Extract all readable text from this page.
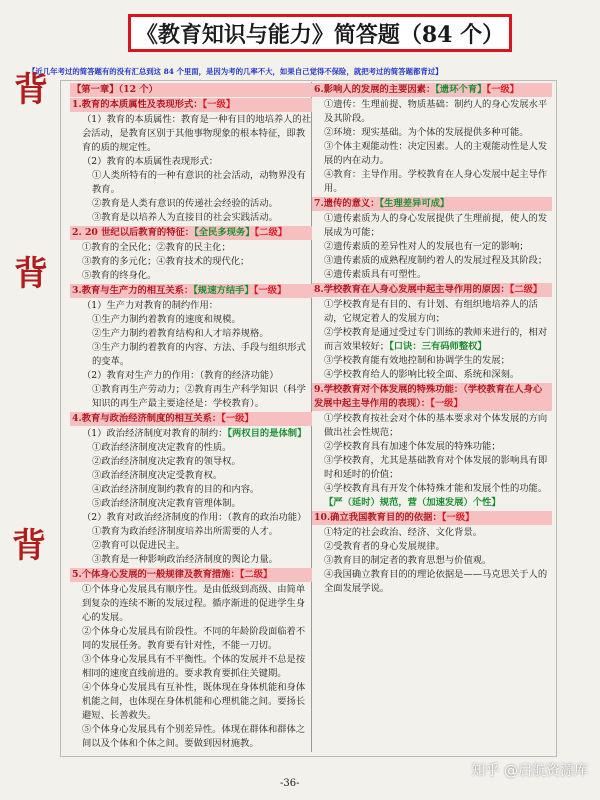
《教育知识与能力》简答题（84 个）
【近几年考过的简答题有的没有汇总到这 84 个里面，是因为考的几率不大，如果自己觉得不保险，就把考过的简答题都背过】
背
背
背
【第一章】（12 个）
1.教育的本质属性及表现形式：【一级】
（1）教育的本质属性：教育是一种有目的地培养人的社会活动，是教育区别于其他事物现象的根本特征，即教育的质的规定性。
（2）教育的本质属性表现形式：
①人类所特有的一种有意识的社会活动，动物界没有教育。
②教育是人类有意识的传递社会经验的活动。
③教育是以培养人为直接目的社会实践活动。
2. 20 世纪以后教育的特征：【全民多现务】【二级】
①教育的全民化；②教育的民主化；
③教育的多元化；④教育技术的现代化；
⑤教育的终身化。
3.教育与生产力的相互关系：【规速方结手】【一级】
（1）生产力对教育的制约作用：
①生产力制约着教育的速度和规模。
②生产力制约着教育结构和人才培养规格。
③生产力制约着教育的内容、方法、手段与组织形式的变革。
（2）教育对生产力的作用：（教育的经济功能）
①教育再生产劳动力；②教育再生产科学知识（科学知识的再生产最主要途径是：学校教育）。
4.教育与政治经济制度的相互关系：【一级】
（1）政治经济制度对教育的制约：【两权目的是体制】
①政治经济制度决定教育的性质。
②政治经济制度决定教育的领导权。
③政治经济制度决定受教育权。
④政治经济制度制约教育的目的和内容。
⑤政治经济制度决定教育管理体制。
（2）教育对政治经济制度的作用：（教育的政治功能）
①教育为政治经济制度培养出所需要的人才。
②教育可以促进民主。
③教育是一种影响政治经济制度的舆论力量。
5.个体身心发展的一般规律及教育措施：【二级】
①个体身心发展具有顺序性。是由低级到高级、由简单到复杂的连续不断的发展过程。循序渐进的促进学生身心的发展。
②个体身心发展具有阶段性。不同的年龄阶段面临着不同的发展任务。教育要有针对性，不能一刀切。
③个体身心发展具有不平衡性。个体的发展并不总是按相同的速度直线前进的。要求教育要抓住关键期。
④个体身心发展具有互补性，既体现在身体机能和身体机能之间，也体现在身体机能和心理机能之间。要扬长避短、长善救失。
⑤个体身心发展具有个别差异性。体现在群体和群体之间以及个体和个体之间。要做到因材施教。
6.影响人的发展的主要因素：【遗环个育】【一级】
①遗传：生理前提、物质基础：制约人的身心发展水平及其阶段。
②环境：现实基础。为个体的发展提供多种可能。
③个体主观能动性：决定因素。人的主观能动性是人发展的内在动力。
④教育：主导作用。学校教育在人身心发展中起主导作用。
7.遗传的意义：【生理差异可成】
①遗传素质为人的身心发展提供了生理前提，使人的发展成为可能；
②遗传素质的差异性对人的发展也有一定的影响；
③遗传素质的成熟程度制约着人的发展过程及其阶段；
④遗传素质具有可塑性。
8.学校教育在人身心发展中起主导作用的原因：【二级】
①学校教育是有目的、有计划、有组织地培养人的活动，它规定着人的发展方向；
②学校教育是通过受过专门训练的教师来进行的，相对而言效果较好；【口诀：三有码师整权】
③学校教育能有效地控制和协调学生的发展；
④学校教育给人的影响比较全面、系统和深刻。
9.学校教育对个体发展的特殊功能：（学校教育在人身心发展中起主导作用的表现）：【一级】
①学校教育按社会对个体的基本要求对个体发展的方向做出社会性规范；
②学校教育具有加速个体发展的特殊功能；
③学校教育，尤其是基础教育对个体发展的影响具有即时和延时的价值；
④学校教育具有开发个体特殊才能和发展个性的功能。
【严（延时）规范，营（加速发展）个性】
10.确立我国教育目的的依据：【一级】
①特定的社会政治、经济、文化背景。
②受教育者的身心发展规律。
③教育目的制定者的教育思想与价值观。
④我国确立教育目的的理论依据是——马克思关于人的全面发展学说。
-36-
知乎 @启航资源库
